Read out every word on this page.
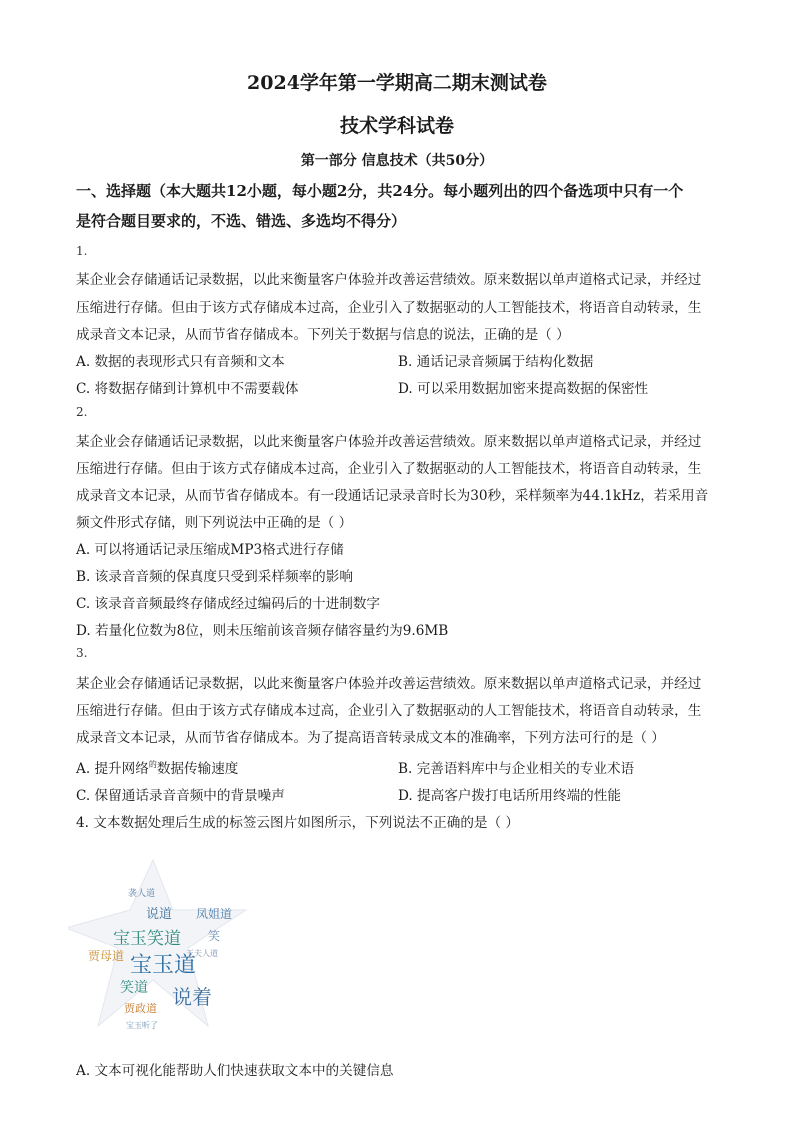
2024学年第一学期高二期末测试卷
技术学科试卷
第一部分 信息技术（共50分）
一、选择题（本大题共12小题，每小题2分，共24分。每小题列出的四个备选项中只有一个
是符合题目要求的，不选、错选、多选均不得分）
1.
某企业会存储通话记录数据，以此来衡量客户体验并改善运营绩效。原来数据以单声道格式记录，并经过
压缩进行存储。但由于该方式存储成本过高，企业引入了数据驱动的人工智能技术，将语音自动转录，生
成录音文本记录，从而节省存储成本。下列关于数据与信息的说法，正确的是（ ）
A. 数据的表现形式只有音频和文本	B. 通话记录音频属于结构化数据
C. 将数据存储到计算机中不需要载体	D. 可以采用数据加密来提高数据的保密性
2.
某企业会存储通话记录数据，以此来衡量客户体验并改善运营绩效。原来数据以单声道格式记录，并经过
压缩进行存储。但由于该方式存储成本过高，企业引入了数据驱动的人工智能技术，将语音自动转录，生
成录音文本记录，从而节省存储成本。有一段通话记录录音时长为30秒，采样频率为44.1kHz，若采用音
频文件形式存储，则下列说法中正确的是（ ）
A. 可以将通话记录压缩成MP3格式进行存储
B. 该录音音频的保真度只受到采样频率的影响
C. 该录音音频最终存储成经过编码后的十进制数字
D. 若量化位数为8位，则未压缩前该音频存储容量约为9.6MB
3.
某企业会存储通话记录数据，以此来衡量客户体验并改善运营绩效。原来数据以单声道格式记录，并经过
压缩进行存储。但由于该方式存储成本过高，企业引入了数据驱动的人工智能技术，将语音自动转录，生
成录音文本记录，从而节省存储成本。为了提高语音转录成文本的准确率，下列方法可行的是（ ）
A. 提升网络$^的$数据传输速度	B. 完善语料库中与企业相关的专业术语
C. 保留通话录音音频中的背景噪声	D. 提高客户拨打电话所用终端的性能
4. 文本数据处理后生成的标签云图片如图所示，下列说法不正确的是（ ）
袭人道
说道 凤姐道
宝玉笑道 笑
贾母道 宝玉道
王夫人道
笑道
贾政道 说着
宝玉听了
A. 文本可视化能帮助人们快速获取文本中的关键信息
